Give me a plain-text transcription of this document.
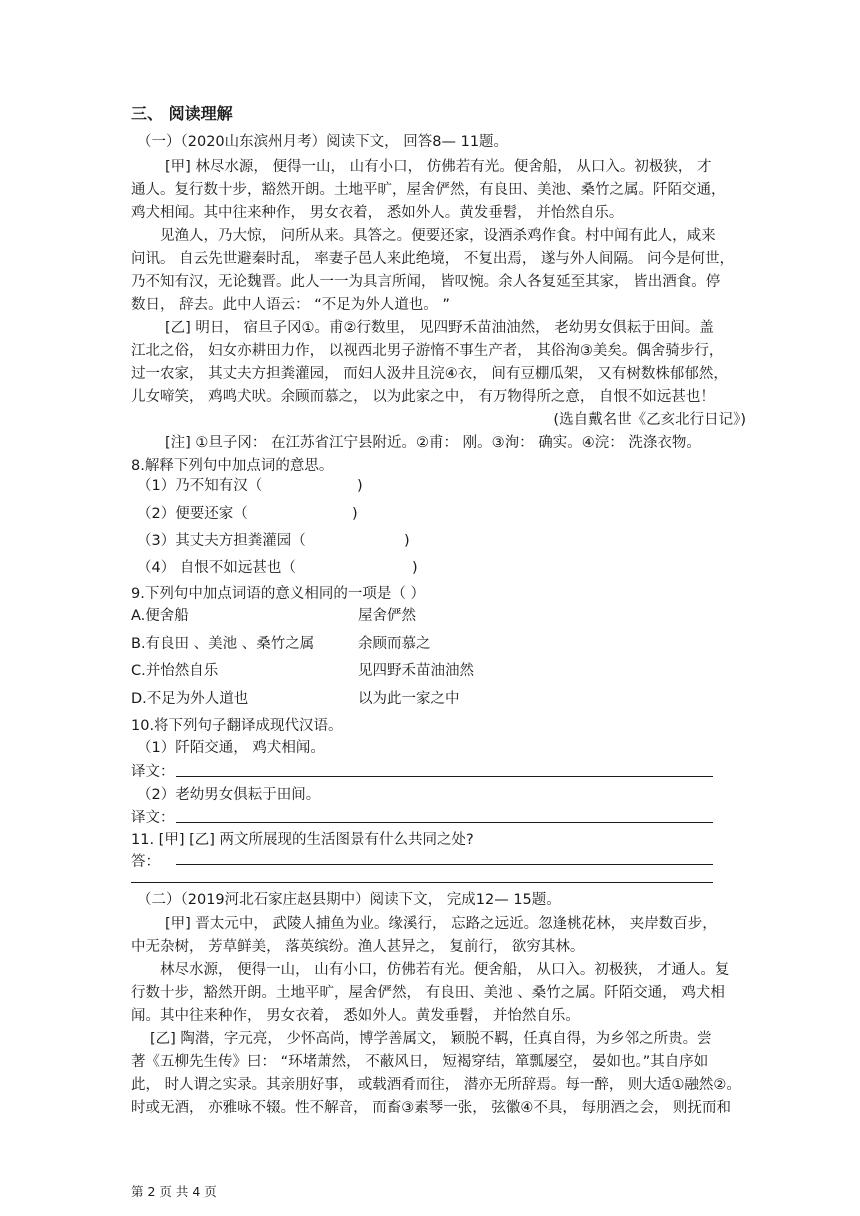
三、 阅读理解
（一）（2020山东滨州月考）阅读下文， 回答8— 11题。
[甲] 林尽水源， 便得一山， 山有小口， 仿佛若有光。便舍船， 从口入。初极狭， 才
通人。复行数十步，豁然开朗。土地平旷，屋舍俨然，有良田、美池、桑竹之属。阡陌交通，
鸡犬相闻。其中往来种作， 男女衣着， 悉如外人。黄发垂髫， 并怡然自乐。
见渔人，乃大惊， 问所从来。具答之。便要还家，设酒杀鸡作食。村中闻有此人，咸来
问讯。 自云先世避秦时乱， 率妻子邑人来此绝境， 不复出焉， 遂与外人间隔。 问今是何世，
乃不知有汉，无论魏晋。此人一一为具言所闻， 皆叹惋。余人各复延至其家， 皆出酒食。停
数日， 辞去。此中人语云： “不足为外人道也。 ”
[乙] 明日， 宿旦子冈①。甫②行数里， 见四野禾苗油油然， 老幼男女俱耘于田间。盖
江北之俗， 妇女亦耕田力作， 以视西北男子游惰不事生产者， 其俗洵③美矣。偶舍骑步行，
过一农家， 其丈夫方担粪灌园， 而妇人汲井且浣④衣， 间有豆棚瓜架， 又有树数株郁郁然，
儿女啼笑， 鸡鸣犬吠。余顾而慕之， 以为此家之中， 有万物得所之意， 自恨不如远甚也！
(选自戴名世《乙亥北行日记》)
[注] ①旦子冈： 在江苏省江宁县附近。②甫： 刚。③洵： 确实。④浣： 洗涤衣物。
8.解释下列句中加点词的意思。
（1）乃不知有汉（	)
（2）便要还家（	)
（3）其丈夫方担粪灌园（	)
（4） 自恨不如远甚也（	)
9.下列句中加点词语的意义相同的一项是（ ）
A.便舍船	屋舍俨然
B.有良田 、美池 、桑竹之属	余顾而慕之
C.并怡然自乐	见四野禾苗油油然
D.不足为外人道也	以为此一家之中
10.将下列句子翻译成现代汉语。
（1）阡陌交通， 鸡犬相闻。
译文：
（2）老幼男女俱耘于田间。
译文：
11. [甲] [乙] 两文所展现的生活图景有什么共同之处?
答：
（二）（2019河北石家庄赵县期中）阅读下文， 完成12— 15题。
[甲] 晋太元中， 武陵人捕鱼为业。缘溪行， 忘路之远近。忽逢桃花林， 夹岸数百步，
中无杂树， 芳草鲜美， 落英缤纷。渔人甚异之， 复前行， 欲穷其林。
林尽水源， 便得一山， 山有小口，仿佛若有光。便舍船， 从口入。初极狭， 才通人。复
行数十步，豁然开朗。土地平旷，屋舍俨然， 有良田、美池 、桑竹之属。阡陌交通， 鸡犬相
闻。其中往来种作， 男女衣着， 悉如外人。黄发垂髫， 并怡然自乐。
[乙] 陶潜，字元亮， 少怀高尚，博学善属文， 颖脱不羁，任真自得，为乡邻之所贵。尝
著《五柳先生传》曰： “环堵萧然， 不蔽风日， 短褐穿结，箪瓢屡空， 晏如也。”其自序如
此， 时人谓之实录。其亲朋好事， 或载酒肴而往， 潜亦无所辞焉。每一醉， 则大适①融然②。
时或无酒， 亦雅咏不辍。性不解音， 而畜③素琴一张， 弦徽④不具， 每朋酒之会， 则抚而和
第 2 页 共 4 页
